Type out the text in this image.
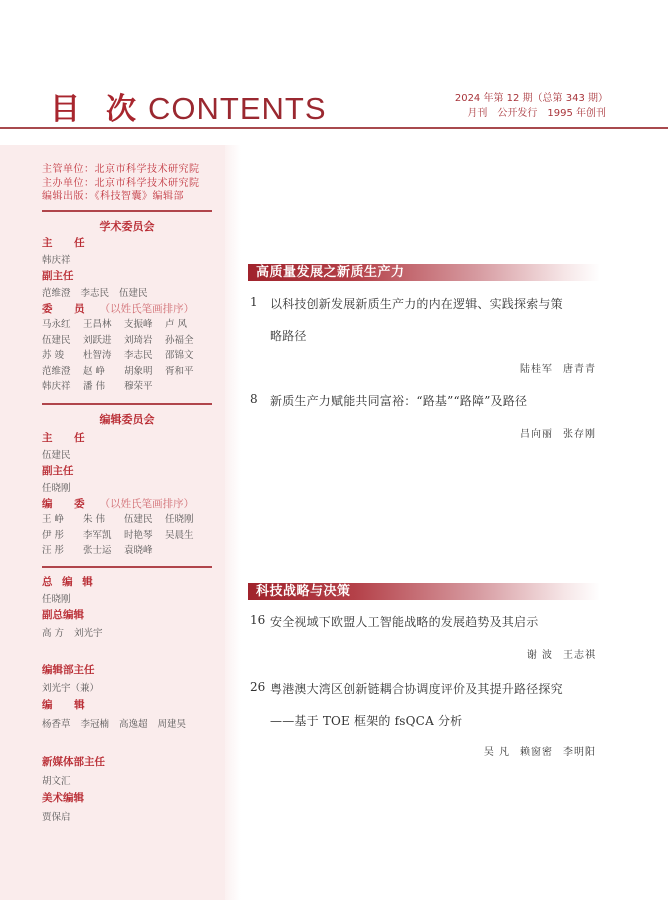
目 次 CONTENTS	2024 年第 12 期（总第 343 期）
月刊 公开发行 1995 年创刊
主管单位：北京市科学技术研究院
主办单位：北京市科学技术研究院
编辑出版：《科技智囊》编辑部
学术委员会
主 任
韩庆祥
副主任
范维澄 李志民 伍建民
委 员 （以姓氏笔画排序）
马永红	王昌林	支振峰	卢 风
伍建民	刘跃进	刘琦岩	孙福全
苏 竣	杜智涛	李志民	邵锦文
范维澄	赵 峥	胡象明	胥和平
韩庆祥	潘 伟	穆荣平
编辑委员会
主 任
伍建民
副主任
任晓刚
编 委 （以姓氏笔画排序）
王 峥	朱 伟	伍建民	任晓刚
伊 彤	李军凯	时艳琴	吴晨生
汪 彤	张士运	袁晓峰
总 编 辑
任晓刚
副总编辑
高 方 刘光宇
编辑部主任
刘光宇（兼）
编 辑
杨香草 李冠楠 高逸超 周建昊
新媒体部主任
胡文汇
美术编辑
贾保启
高质量发展之新质生产力
1 以科技创新发展新质生产力的内在逻辑、实践探索与策
略路径
陆桂军 唐青青
8 新质生产力赋能共同富裕：“路基”“路障”及路径
吕向丽 张存刚
科技战略与决策
16 安全视域下欧盟人工智能战略的发展趋势及其启示
谢 波 王志祺
26 粤港澳大湾区创新链耦合协调度评价及其提升路径探究
——基于 TOE 框架的 fsQCA 分析
吴 凡 赖窗密 李明阳
